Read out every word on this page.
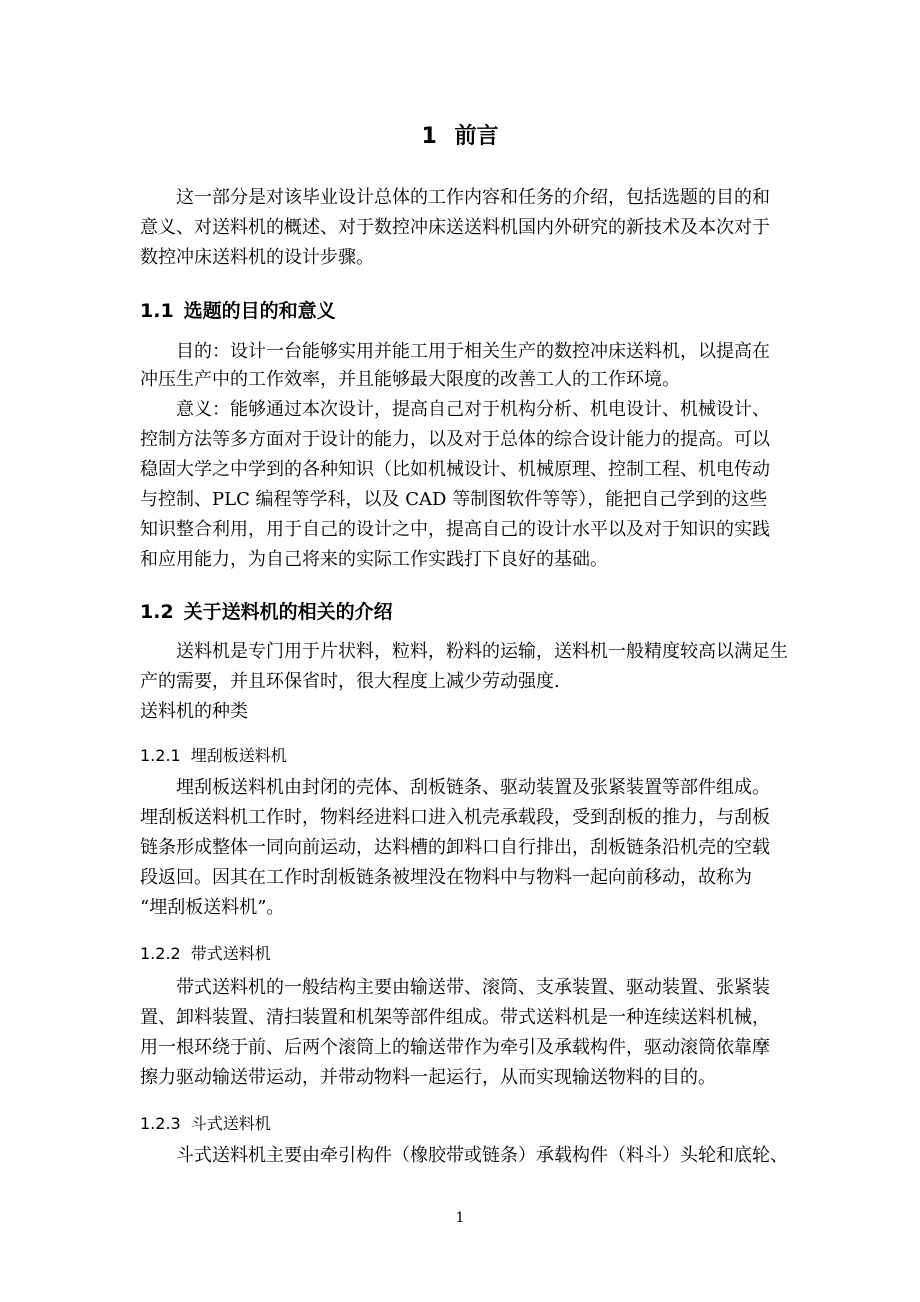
1 前言
这一部分是对该毕业设计总体的工作内容和任务的介绍，包括选题的目的和
意义、对送料机的概述、对于数控冲床送送料机国内外研究的新技术及本次对于
数控冲床送料机的设计步骤。
1.1 选题的目的和意义
目的：设计一台能够实用并能工用于相关生产的数控冲床送料机，以提高在
冲压生产中的工作效率，并且能够最大限度的改善工人的工作环境。
意义：能够通过本次设计，提高自己对于机构分析、机电设计、机械设计、
控制方法等多方面对于设计的能力，以及对于总体的综合设计能力的提高。可以
稳固大学之中学到的各种知识（比如机械设计、机械原理、控制工程、机电传动
与控制、PLC 编程等学科，以及 CAD 等制图软件等等），能把自己学到的这些
知识整合利用，用于自己的设计之中，提高自己的设计水平以及对于知识的实践
和应用能力，为自己将来的实际工作实践打下良好的基础。
1.2 关于送料机的相关的介绍
送料机是专门用于片状料，粒料，粉料的运输，送料机一般精度较高以满足生
产的需要，并且环保省时，很大程度上减少劳动强度.
送料机的种类
1.2.1 埋刮板送料机
埋刮板送料机由封闭的壳体、刮板链条、驱动装置及张紧装置等部件组成。
埋刮板送料机工作时，物料经进料口进入机壳承载段，受到刮板的推力，与刮板
链条形成整体一同向前运动，达料槽的卸料口自行排出，刮板链条沿机壳的空载
段返回。因其在工作时刮板链条被埋没在物料中与物料一起向前移动，故称为
“埋刮板送料机”。
1.2.2 带式送料机
带式送料机的一般结构主要由输送带、滚筒、支承装置、驱动装置、张紧装
置、卸料装置、清扫装置和机架等部件组成。带式送料机是一种连续送料机械，
用一根环绕于前、后两个滚筒上的输送带作为牵引及承载构件，驱动滚筒依靠摩
擦力驱动输送带运动，并带动物料一起运行，从而实现输送物料的目的。
1.2.3 斗式送料机
斗式送料机主要由牵引构件（橡胶带或链条）承载构件（料斗）头轮和底轮、
1
